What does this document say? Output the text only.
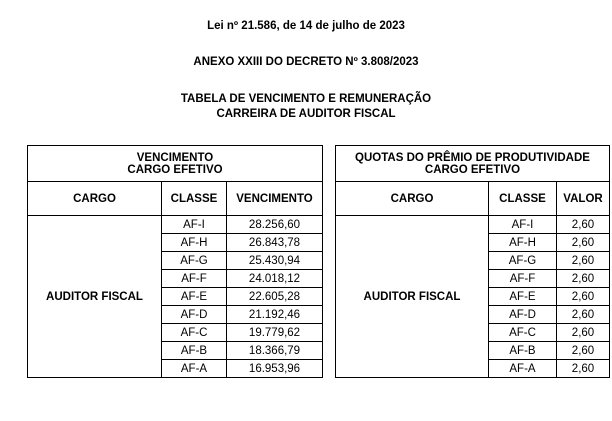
Lei nº 21.586, de 14 de julho de 2023
ANEXO XXIII DO DECRETO Nº 3.808/2023
TABELA DE VENCIMENTO E REMUNERAÇÃO
CARREIRA DE AUDITOR FISCAL
VENCIMENTO
CARGO EFETIVO		

CARGO	CLASSE	VENCIMENTO
AUDITOR FISCAL	AF-I	28.256,60
	AF-H	26.843,78
	AF-G	25.430,94
	AF-F	24.018,12
	AF-E	22.605,28
	AF-D	21.192,46
	AF-C	19.779,62
	AF-B	18.366,79
	AF-A	16.953,96
QUOTAS DO PRÊMIO DE PRODUTIVIDADE
CARGO EFETIVO		

CARGO	CLASSE	VALOR
AUDITOR FISCAL	AF-I	2,60
	AF-H	2,60
	AF-G	2,60
	AF-F	2,60
	AF-E	2,60
	AF-D	2,60
	AF-C	2,60
	AF-B	2,60
	AF-A	2,60
